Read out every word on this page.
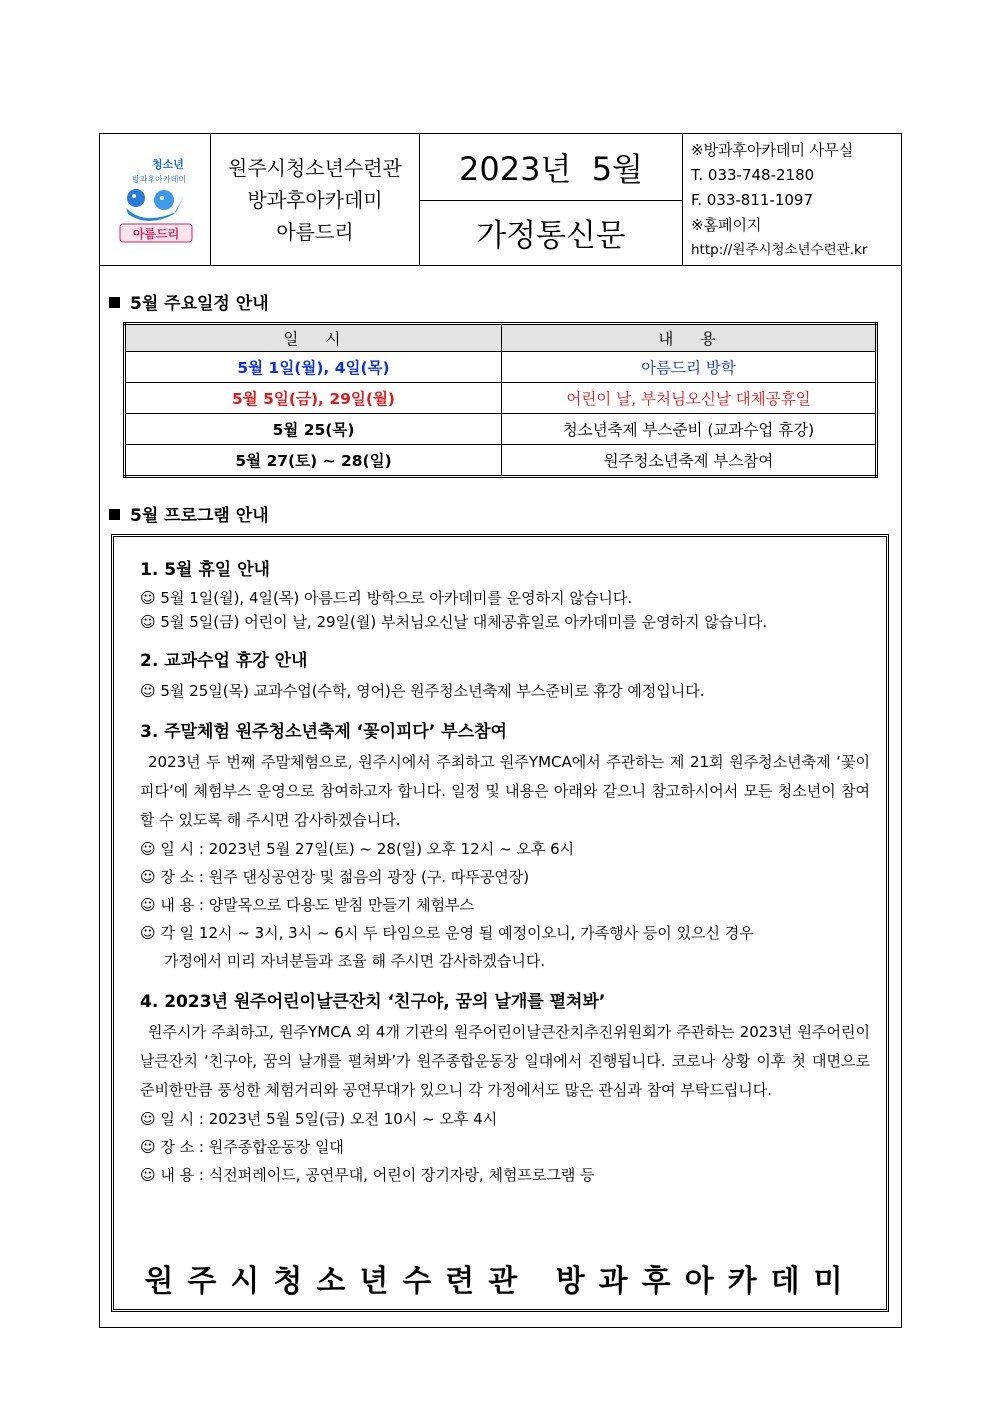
청소년
방과후아카데미
아름드리
원주시청소년수련관
방과후아카데미
아름드리
2023년  5월
가정통신문
※방과후아카데미 사무실
T. 033-748-2180
F. 033-811-1097
※홈페이지
http://원주시청소년수련관.kr
5월 주요일정 안내
일   시	내   용
5월 1일(월), 4일(목)	아름드리 방학
5월 5일(금), 29일(월)	어린이 날, 부처님오신날 대체공휴일
5월 25(목)	청소년축제 부스준비 (교과수업 휴강)
5월 27(토) ~ 28(일)	원주청소년축제 부스참여
5월 프로그램 안내
1. 5월 휴일 안내
☺ 5월 1일(월), 4일(목) 아름드리 방학으로 아카데미를 운영하지 않습니다.
☺ 5월 5일(금) 어린이 날, 29일(월) 부처님오신날 대체공휴일로 아카데미를 운영하지 않습니다.
2. 교과수업 휴강 안내
☺ 5월 25일(목) 교과수업(수학, 영어)은 원주청소년축제 부스준비로 휴강 예정입니다.
3. 주말체험 원주청소년축제 ‘꽃이피다’ 부스참여
2023년 두 번째 주말체험으로, 원주시에서 주최하고 원주YMCA에서 주관하는 제 21회 원주청소년축제 ‘꽃이피다’에 체험부스 운영으로 참여하고자 합니다. 일정 및 내용은 아래와 같으니 참고하시어서 모든 청소년이 참여할 수 있도록 해 주시면 감사하겠습니다.
☺ 일 시 : 2023년 5월 27일(토) ~ 28(일) 오후 12시 ~ 오후 6시
☺ 장 소 : 원주 댄싱공연장 및 젊음의 광장 (구. 따뚜공연장)
☺ 내 용 : 양말목으로 다용도 받침 만들기 체험부스
☺ 각 일 12시 ~ 3시, 3시 ~ 6시 두 타임으로 운영 될 예정이오니, 가족행사 등이 있으신 경우
가정에서 미리 자녀분들과 조율 해 주시면 감사하겠습니다.
4. 2023년 원주어린이날큰잔치 ‘친구야, 꿈의 날개를 펼쳐봐’
원주시가 주최하고, 원주YMCA 외 4개 기관의 원주어린이날큰잔치추진위원회가 주관하는 2023년 원주어린이날큰잔치 ‘친구야, 꿈의 날개를 펼쳐봐’가 원주종합운동장 일대에서 진행됩니다. 코로나 상황 이후 첫 대면으로 준비한만큼 풍성한 체험거리와 공연무대가 있으니 각 가정에서도 많은 관심과 참여 부탁드립니다.
☺ 일 시 : 2023년 5월 5일(금) 오전 10시 ~ 오후 4시
☺ 장 소 : 원주종합운동장 일대
☺ 내 용 : 식전퍼레이드, 공연무대, 어린이 장기자랑, 체험프로그램 등
원주시청소년수련관 방과후아카데미
